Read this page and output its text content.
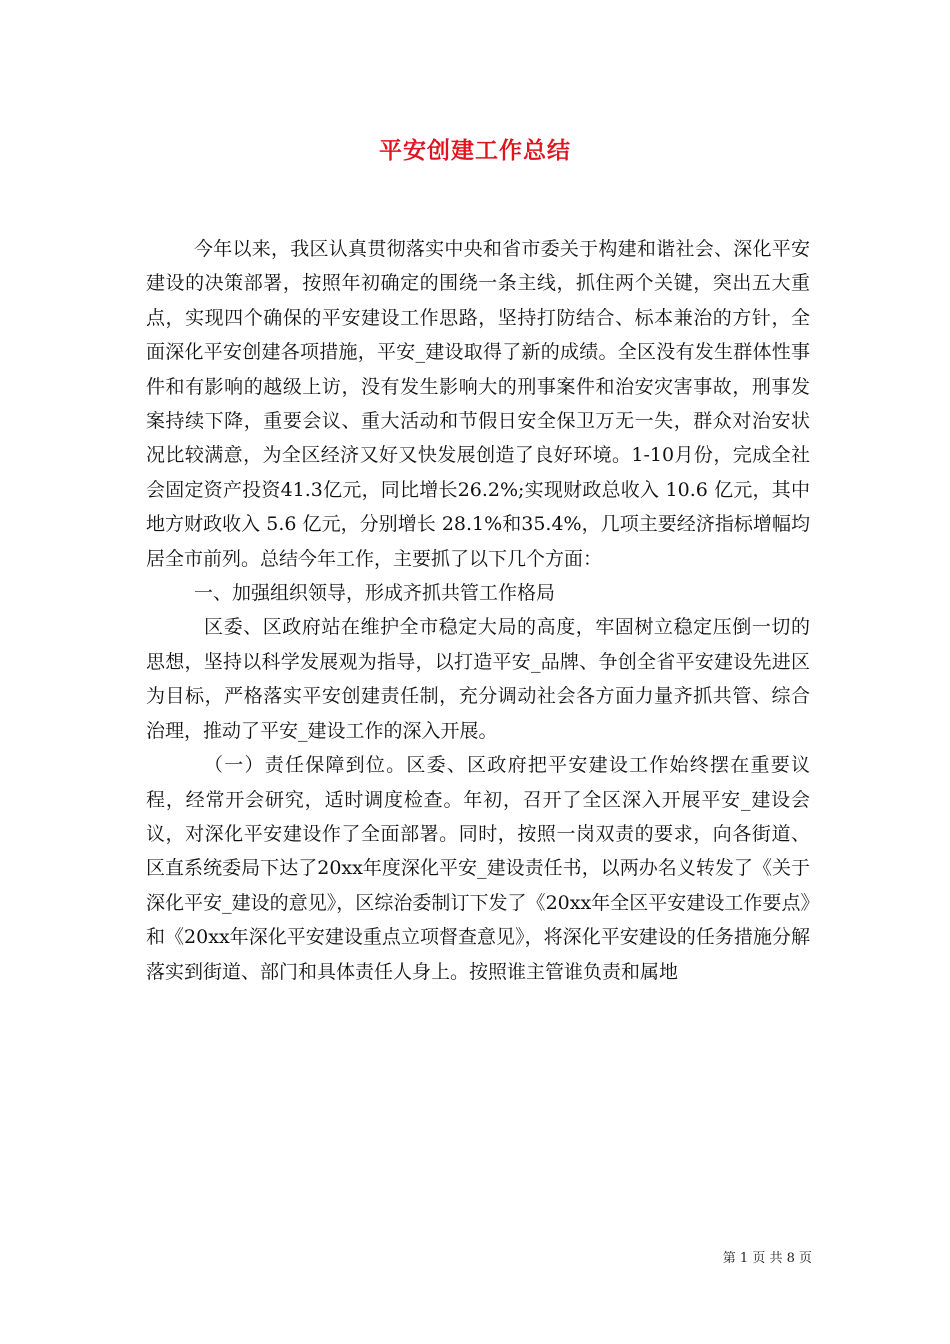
平安创建工作总结

今年以来，我区认真贯彻落实中央和省市委关于构建和谐社会、深化平安建设的决策部署，按照年初确定的围绕一条主线，抓住两个关键，突出五大重点，实现四个确保的平安建设工作思路，坚持打防结合、标本兼治的方针，全面深化平安创建各项措施，平安_建设取得了新的成绩。全区没有发生群体性事件和有影响的越级上访，没有发生影响大的刑事案件和治安灾害事故，刑事发案持续下降，重要会议、重大活动和节假日安全保卫万无一失，群众对治安状况比较满意，为全区经济又好又快发展创造了良好环境。1-10月份，完成全社会固定资产投资41.3亿元，同比增长26.2%;实现财政总收入 10.6 亿元，其中地方财政收入 5.6 亿元，分别增长 28.1%和35.4%，几项主要经济指标增幅均居全市前列。总结今年工作，主要抓了以下几个方面：

一、加强组织领导，形成齐抓共管工作格局

区委、区政府站在维护全市稳定大局的高度，牢固树立稳定压倒一切的思想，坚持以科学发展观为指导，以打造平安_品牌、争创全省平安建设先进区为目标，严格落实平安创建责任制，充分调动社会各方面力量齐抓共管、综合治理，推动了平安_建设工作的深入开展。

（一）责任保障到位。区委、区政府把平安建设工作始终摆在重要议程，经常开会研究，适时调度检查。年初，召开了全区深入开展平安_建设会议，对深化平安建设作了全面部署。同时，按照一岗双责的要求，向各街道、区直系统委局下达了20xx年度深化平安_建设责任书，以两办名义转发了《关于深化平安_建设的意见》，区综治委制订下发了《20xx年全区平安建设工作要点》和《20xx年深化平安建设重点立项督查意见》，将深化平安建设的任务措施分解落实到街道、部门和具体责任人身上。按照谁主管谁负责和属地

第 1 页 共 8 页
